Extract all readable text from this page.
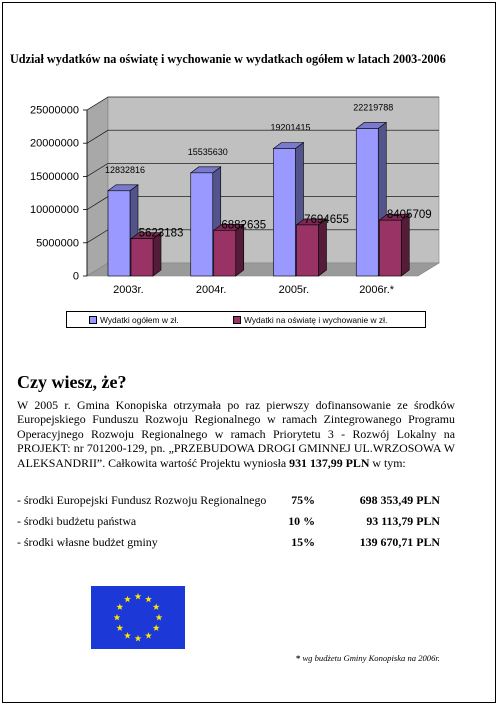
Udział wydatków na oświatę i wychowanie w wydatkach ogółem w latach 2003-2006
0
5000000
10000000
15000000
20000000
25000000
12832816
5623183
2003r.
15535630
6882635
2004r.
19201415
7694655
2005r.
22219788
8405709
2006r.*
Wydatki ogółem w zł.	Wydatki na oświatę i wychowanie w zł.
Czy wiesz, że?
W 2005 r. Gmina Konopiska otrzymała po raz pierwszy dofinansowanie ze środków Europejskiego Funduszu Rozwoju Regionalnego w ramach Zintegrowanego Programu Operacyjnego Rozwoju Regionalnego w ramach Priorytetu 3 - Rozwój Lokalny na PROJEKT: nr 701200-129, pn. „PRZEBUDOWA DROGI GMINNEJ UL.WRZOSOWA W ALEKSANDRII”. Całkowita wartość Projektu wyniosła 931 137,99 PLN w tym:
- środki Europejski Fundusz Rozwoju Regionalnego	75%	698 353,49 PLN
- środki budżetu państwa	10 %	93 113,79 PLN
- środki własne budżet gminy	15%	139 670,71 PLN
* wg budżetu Gminy Konopiska na 2006r.
